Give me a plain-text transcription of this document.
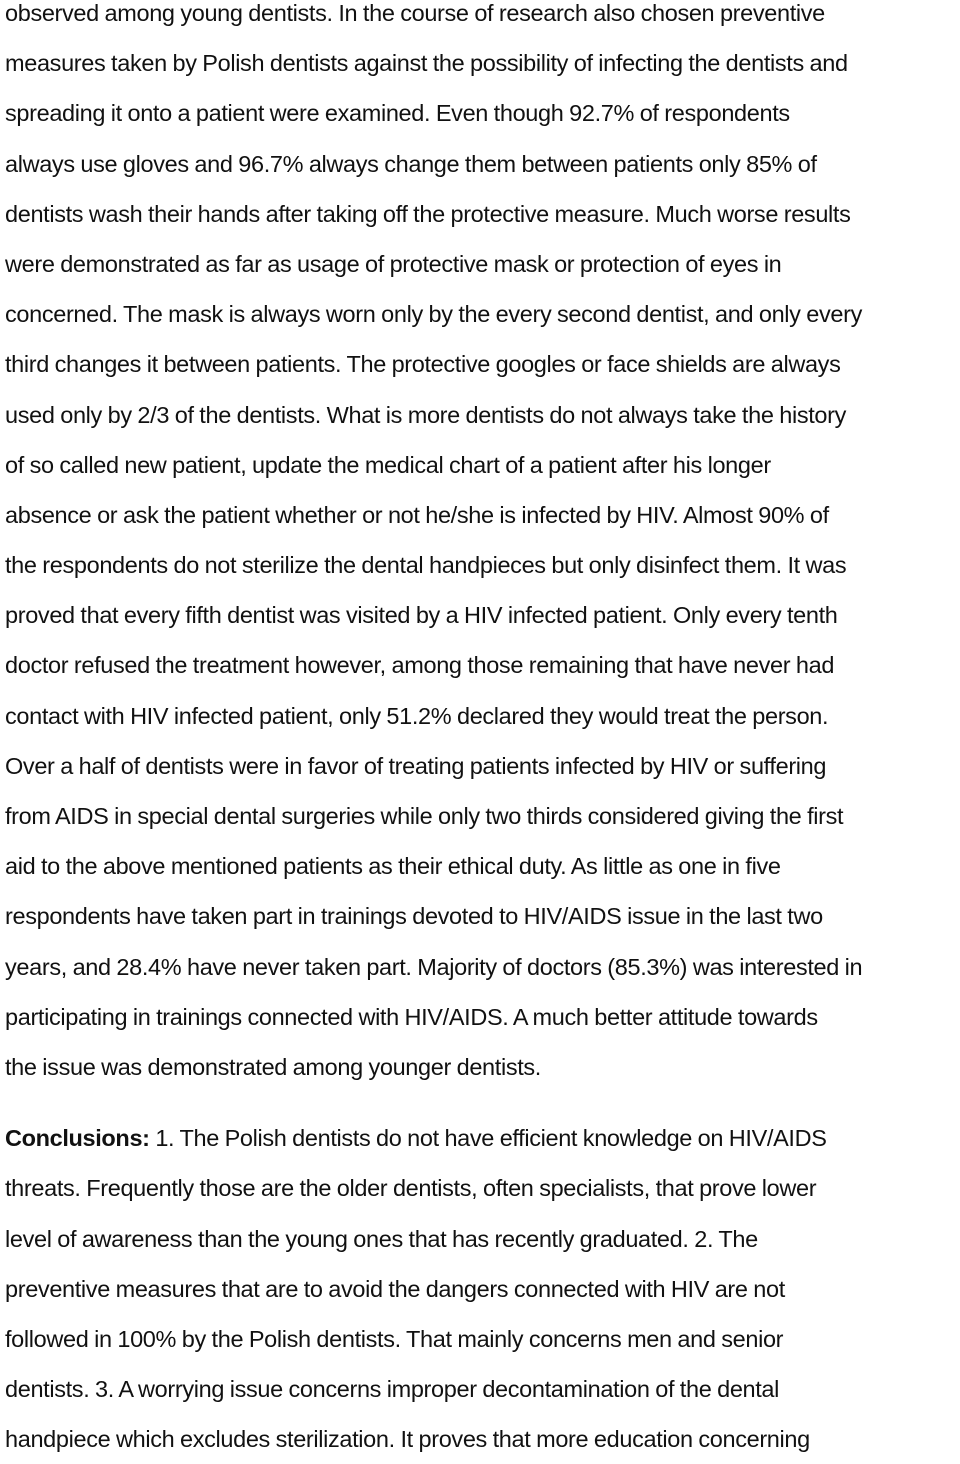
observed among young dentists. In the course of research also chosen preventive
measures taken by Polish dentists against the possibility of infecting the dentists and
spreading it onto a patient were examined. Even though 92.7% of respondents
always use gloves and 96.7% always change them between patients only 85% of
dentists wash their hands after taking off the protective measure. Much worse results
were demonstrated as far as usage of protective mask or protection of eyes in
concerned. The mask is always worn only by the every second dentist, and only every
third changes it between patients. The protective googles or face shields are always
used only by 2/3 of the dentists. What is more dentists do not always take the history
of so called new patient, update the medical chart of a patient after his longer
absence or ask the patient whether or not he/she is infected by HIV. Almost 90% of
the respondents do not sterilize the dental handpieces but only disinfect them. It was
proved that every fifth dentist was visited by a HIV infected patient. Only every tenth
doctor refused the treatment however, among those remaining that have never had
contact with HIV infected patient, only 51.2% declared they would treat the person.
Over a half of dentists were in favor of treating patients infected by HIV or suffering
from AIDS in special dental surgeries while only two thirds considered giving the first
aid to the above mentioned patients as their ethical duty. As little as one in five
respondents have taken part in trainings devoted to HIV/AIDS issue in the last two
years, and 28.4% have never taken part. Majority of doctors (85.3%) was interested in
participating in trainings connected with HIV/AIDS. A much better attitude towards
the issue was demonstrated among younger dentists.
Conclusions: 1. The Polish dentists do not have efficient knowledge on HIV/AIDS
threats. Frequently those are the older dentists, often specialists, that prove lower
level of awareness than the young ones that has recently graduated. 2. The
preventive measures that are to avoid the dangers connected with HIV are not
followed in 100% by the Polish dentists. That mainly concerns men and senior
dentists. 3. A worrying issue concerns improper decontamination of the dental
handpiece which excludes sterilization. It proves that more education concerning
